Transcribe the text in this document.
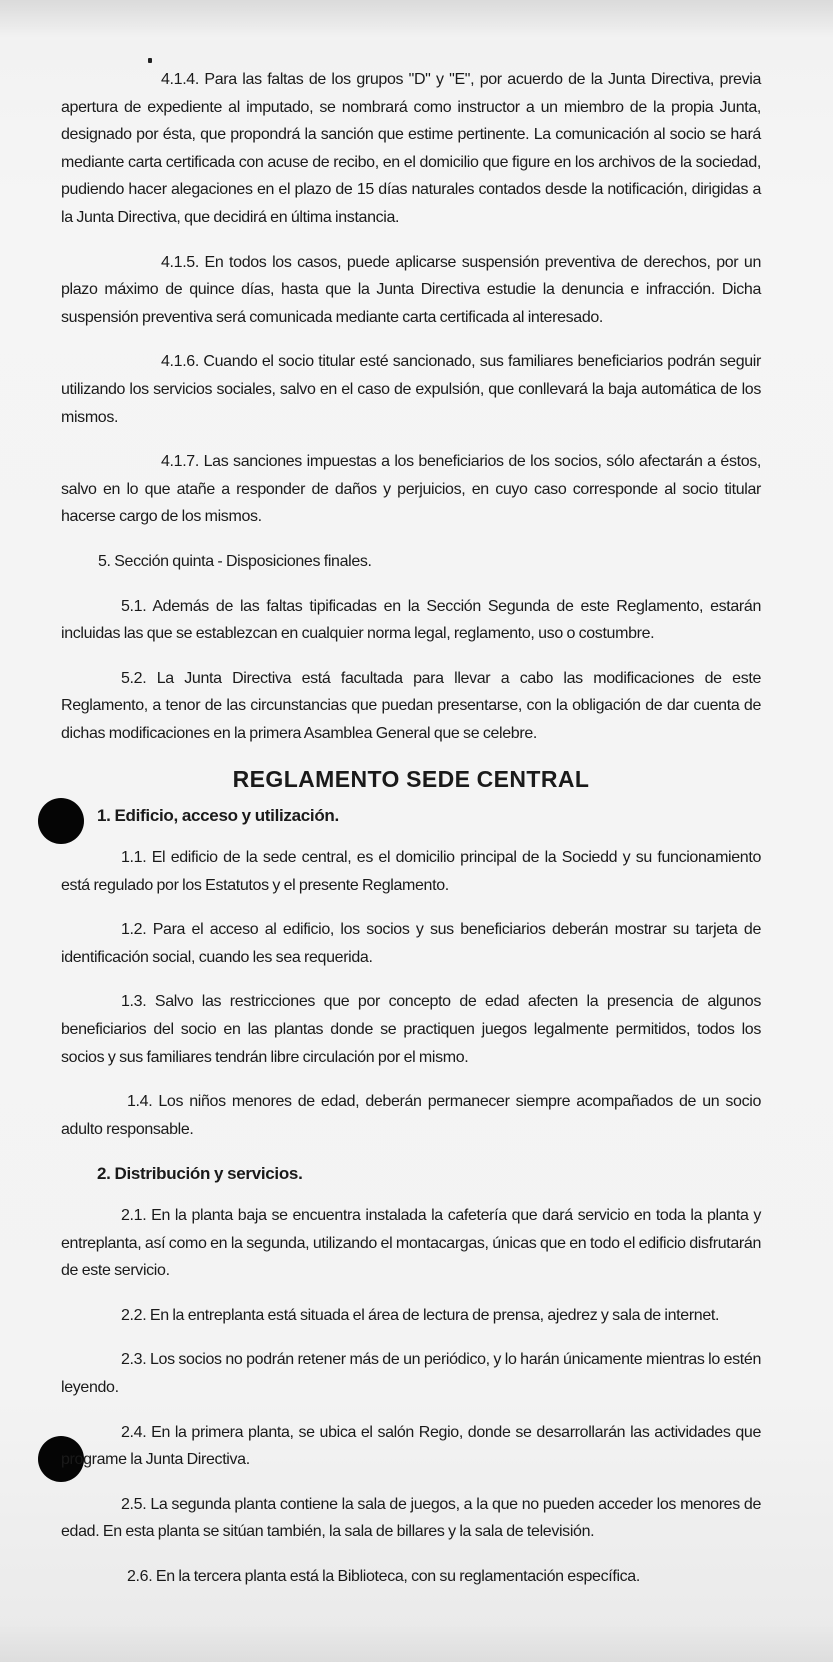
4.1.4. Para las faltas de los grupos "D" y "E", por acuerdo de la Junta Directiva, previa apertura de expediente al imputado, se nombrará como instructor a un miembro de la propia Junta, designado por ésta, que propondrá la sanción que estime pertinente. La comunicación al socio se hará mediante carta certificada con acuse de recibo, en el domicilio que figure en los archivos de la sociedad, pudiendo hacer alegaciones en el plazo de 15 días naturales contados desde la notificación, dirigidas a la Junta Directiva, que decidirá en última instancia.

4.1.5. En todos los casos, puede aplicarse suspensión preventiva de derechos, por un plazo máximo de quince días, hasta que la Junta Directiva estudie la denuncia e infracción. Dicha suspensión preventiva será comunicada mediante carta certificada al interesado.

4.1.6. Cuando el socio titular esté sancionado, sus familiares beneficiarios podrán seguir utilizando los servicios sociales, salvo en el caso de expulsión, que conllevará la baja automática de los mismos.

4.1.7. Las sanciones impuestas a los beneficiarios de los socios, sólo afectarán a éstos, salvo en lo que atañe a responder de daños y perjuicios, en cuyo caso corresponde al socio titular hacerse cargo de los mismos.

5. Sección quinta - Disposiciones finales.

5.1. Además de las faltas tipificadas en la Sección Segunda de este Reglamento, estarán incluidas las que se establezcan en cualquier norma legal, reglamento, uso o costumbre.

5.2. La Junta Directiva está facultada para llevar a cabo las modificaciones de este Reglamento, a tenor de las circunstancias que puedan presentarse, con la obligación de dar cuenta de dichas modificaciones en la primera Asamblea General que se celebre.

REGLAMENTO SEDE CENTRAL
1. Edificio, acceso y utilización.

1.1. El edificio de la sede central, es el domicilio principal de la Sociedd y su funcionamiento está regulado por los Estatutos y el presente Reglamento.

1.2. Para el acceso al edificio, los socios y sus beneficiarios deberán mostrar su tarjeta de identificación social, cuando les sea requerida.

1.3. Salvo las restricciones que por concepto de edad afecten la presencia de algunos beneficiarios del socio en las plantas donde se practiquen juegos legalmente permitidos, todos los socios y sus familiares tendrán libre circulación por el mismo.

1.4. Los niños menores de edad, deberán permanecer siempre acompañados de un socio adulto responsable.

2. Distribución y servicios.

2.1. En la planta baja se encuentra instalada la cafetería que dará servicio en toda la planta y entreplanta, así como en la segunda, utilizando el montacargas, únicas que en todo el edificio disfrutarán de este servicio.

2.2. En la entreplanta está situada el área de lectura de prensa, ajedrez y sala de internet.

2.3. Los socios no podrán retener más de un periódico, y lo harán únicamente mientras lo estén leyendo.

2.4. En la primera planta, se ubica el salón Regio, donde se desarrollarán las actividades que programe la Junta Directiva.

2.5. La segunda planta contiene la sala de juegos, a la que no pueden acceder los menores de edad. En esta planta se sitúan también, la sala de billares y la sala de televisión.

2.6. En la tercera planta está la Biblioteca, con su reglamentación específica.
